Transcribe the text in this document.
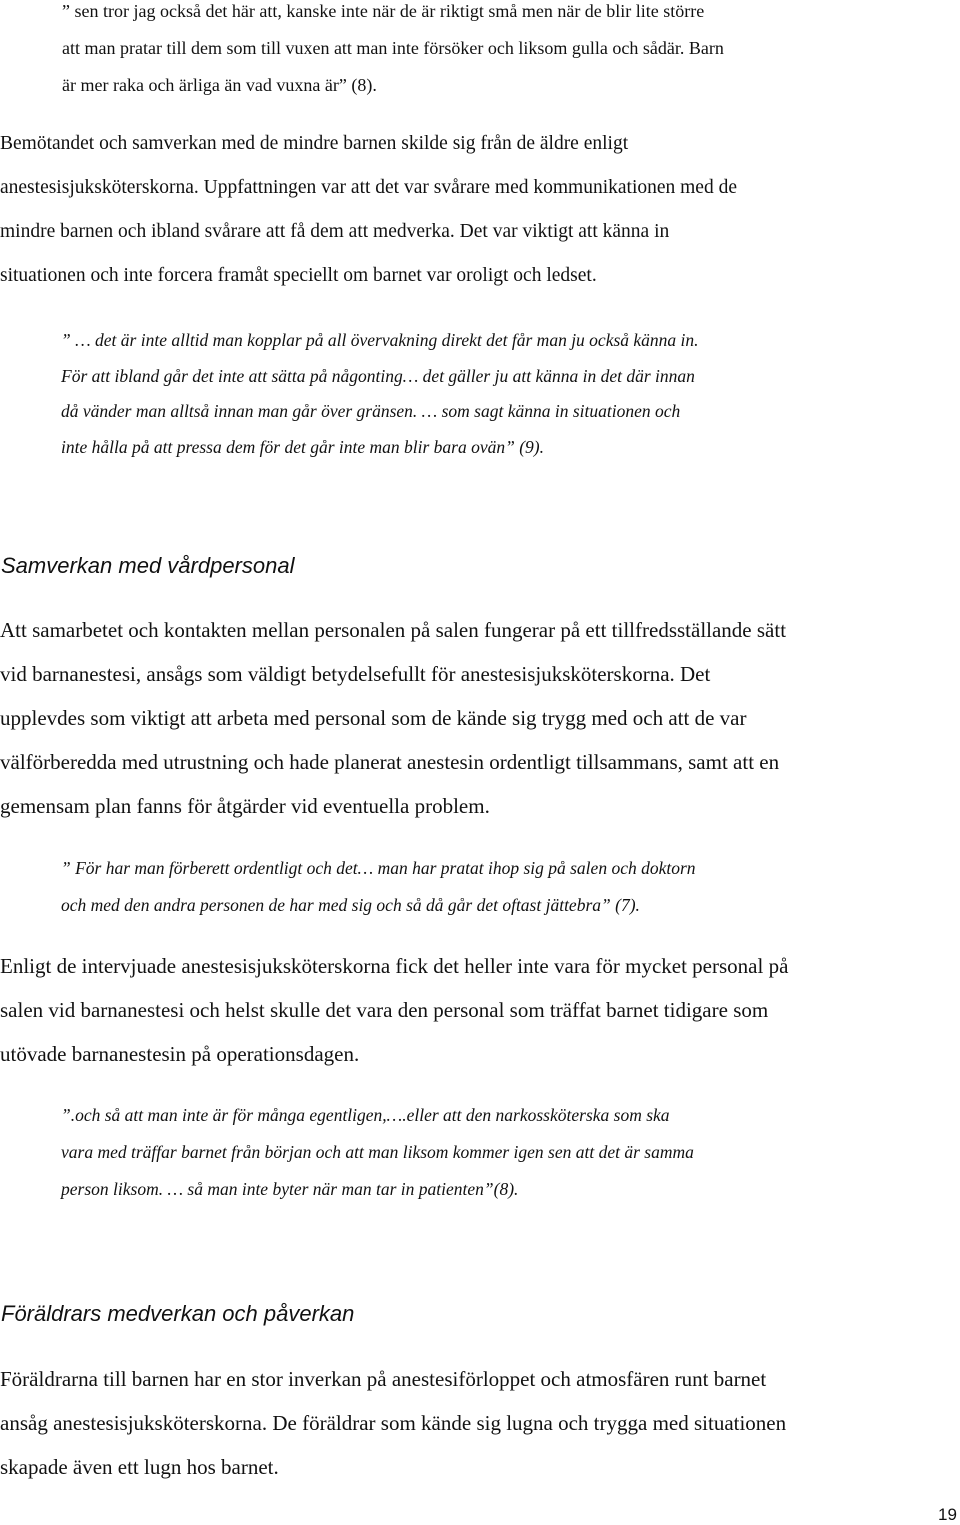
” sen tror jag också det här att, kanske inte när de är riktigt små men när de blir lite större
att man pratar till dem som till vuxen att man inte försöker och liksom gulla och sådär. Barn
är mer raka och ärliga än vad vuxna är” (8).
Bemötandet och samverkan med de mindre barnen skilde sig från de äldre enligt
anestesisjuksköterskorna. Uppfattningen var att det var svårare med kommunikationen med de
mindre barnen och ibland svårare att få dem att medverka. Det var viktigt att känna in
situationen och inte forcera framåt speciellt om barnet var oroligt och ledset.
” … det är inte alltid man kopplar på all övervakning direkt det får man ju också känna in.
För att ibland går det inte att sätta på någonting… det gäller ju att känna in det där innan
då vänder man alltså innan man går över gränsen. … som sagt känna in situationen och
inte hålla på att pressa dem för det går inte man blir bara ovän” (9).
Samverkan med vårdpersonal
Att samarbetet och kontakten mellan personalen på salen fungerar på ett tillfredsställande sätt
vid barnanestesi, ansågs som väldigt betydelsefullt för anestesisjuksköterskorna. Det
upplevdes som viktigt att arbeta med personal som de kände sig trygg med och att de var
välförberedda med utrustning och hade planerat anestesin ordentligt tillsammans, samt att en
gemensam plan fanns för åtgärder vid eventuella problem.
” För har man förberett ordentligt och det… man har pratat ihop sig på salen och doktorn
och med den andra personen de har med sig och så då går det oftast jättebra” (7).
Enligt de intervjuade anestesisjuksköterskorna fick det heller inte vara för mycket personal på
salen vid barnanestesi och helst skulle det vara den personal som träffat barnet tidigare som
utövade barnanestesin på operationsdagen.
”.och så att man inte är för många egentligen,….eller att den narkossköterska som ska
vara med träffar barnet från början och att man liksom kommer igen sen att det är samma
person liksom. … så man inte byter när man tar in patienten”(8).
Föräldrars medverkan och påverkan
Föräldrarna till barnen har en stor inverkan på anestesiförloppet och atmosfären runt barnet
ansåg anestesisjuksköterskorna. De föräldrar som kände sig lugna och trygga med situationen
skapade även ett lugn hos barnet.
19
